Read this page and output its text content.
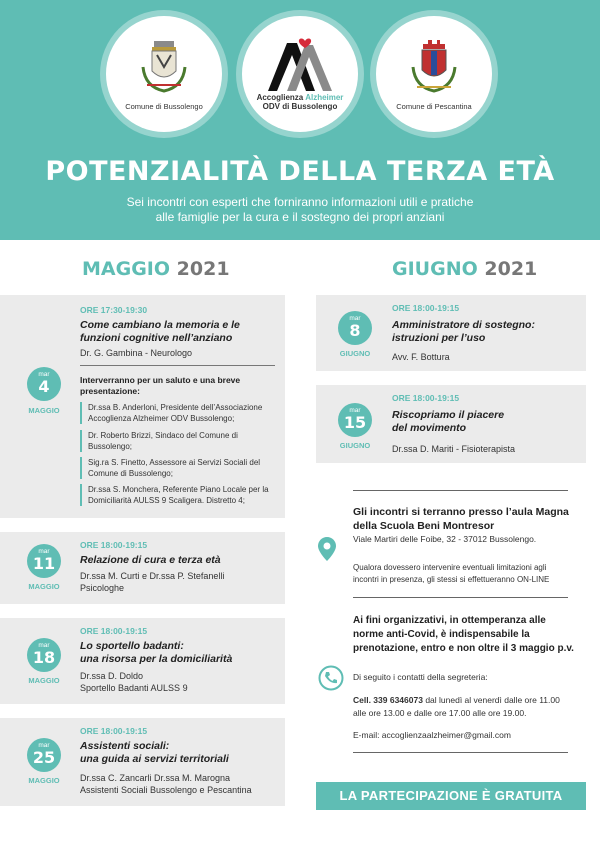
Comune di Bussolengo
Accoglienza Alzheimer
ODV di Bussolengo	Comune di Pescantina
POTENZIALITÀ DELLA TERZA ETÀ
Sei incontri con esperti che forniranno informazioni utili e pratiche
alle famiglie per la cura e il sostegno dei propri anziani
MAGGIO 2021	GIUGNO 2021
ORE 17:30-19:30
Come cambiano la memoria e le
funzioni cognitive nell’anziano
Dr. G. Gambina - Neurologo
mar
4
MAGGIO
Interverranno per un saluto e una breve presentazione:
Dr.ssa B. Anderloni, Presidente dell’Associazione Accoglienza Alzheimer ODV Bussolengo;
Dr. Roberto Brizzi, Sindaco del Comune di Bussolengo;
Sig.ra S. Finetto, Assessore ai Servizi Sociali del Comune di Bussolengo;
Dr.ssa S. Monchera, Referente Piano Locale per la Domiciliarità AULSS 9 Scaligera. Distretto 4;
ORE 18:00-19:15
Relazione di cura e terza età
Dr.ssa M. Curti e Dr.ssa P. Stefanelli
Psicologhe
mar
11
MAGGIO
ORE 18:00-19:15
Lo sportello badanti:
una risorsa per la domiciliarità
Dr.ssa D. Doldo
Sportello Badanti AULSS 9
mar
18
MAGGIO
ORE 18:00-19:15
Assistenti sociali:
una guida ai servizi territoriali
Dr.ssa C. Zancarli Dr.ssa M. Marogna
Assistenti Sociali Bussolengo e Pescantina
mar
25
MAGGIO
ORE 18:00-19:15
Amministratore di sostegno:
istruzioni per l’uso
Avv. F. Bottura
mar
8
GIUGNO
ORE 18:00-19:15
Riscopriamo il piacere
del movimento
Dr.ssa D. Mariti - Fisioterapista
mar
15
GIUGNO
Gli incontri si terranno presso l’aula Magna
della Scuola Beni Montresor
Viale Martiri delle Foibe, 32 - 37012 Bussolengo.
Qualora dovessero intervenire eventuali limitazioni agli
incontri in presenza, gli stessi si effettueranno ON-LINE
Ai fini organizzativi, in ottemperanza alle
norme anti-Covid, è indispensabile la
prenotazione, entro e non oltre il 3 maggio p.v.
Di seguito i contatti della segreteria:
Cell. 339 6346073 dal lunedì al venerdì dalle ore 11.00
alle ore 13.00 e dalle ore 17.00 alle ore 19.00.
E-mail: accoglienzaalzheimer@gmail.com
LA PARTECIPAZIONE È GRATUITA
